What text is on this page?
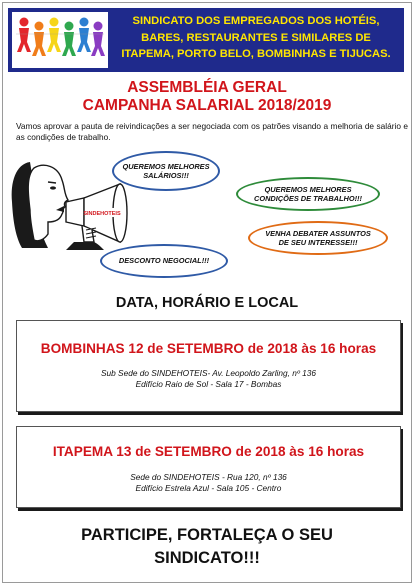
SINDICATO DOS EMPREGADOS DOS HOTÉIS,
BARES, RESTAURANTES E SIMILARES DE
ITAPEMA, PORTO BELO, BOMBINHAS E TIJUCAS.
ASSEMBLÉIA GERAL
CAMPANHA SALARIAL 2018/2019
Vamos aprovar a pauta de reivindicações a ser negociada com os patrões visando a melhoria de salário e as condições de trabalho.
SINDEHOTEIS
QUEREMOS MELHORES
SALÁRIOS!!!
QUEREMOS MELHORES
CONDIÇÕES DE TRABALHO!!!
VENHA DEBATER ASSUNTOS
DE SEU INTERESSE!!!
DESCONTO NEGOCIAL!!!
DATA, HORÁRIO E LOCAL
BOMBINHAS 12 de SETEMBRO de 2018 às 16 horas
Sub Sede do SINDEHOTEIS- Av. Leopoldo Zarling, nº 136
Edifício Raio de Sol - Sala 17 - Bombas
ITAPEMA 13 de SETEMBRO de 2018 às 16 horas
Sede do SINDEHOTEIS - Rua 120, nº 136
Edifício Estrela Azul - Sala 105 - Centro
PARTICIPE, FORTALEÇA O SEU
SINDICATO!!!
